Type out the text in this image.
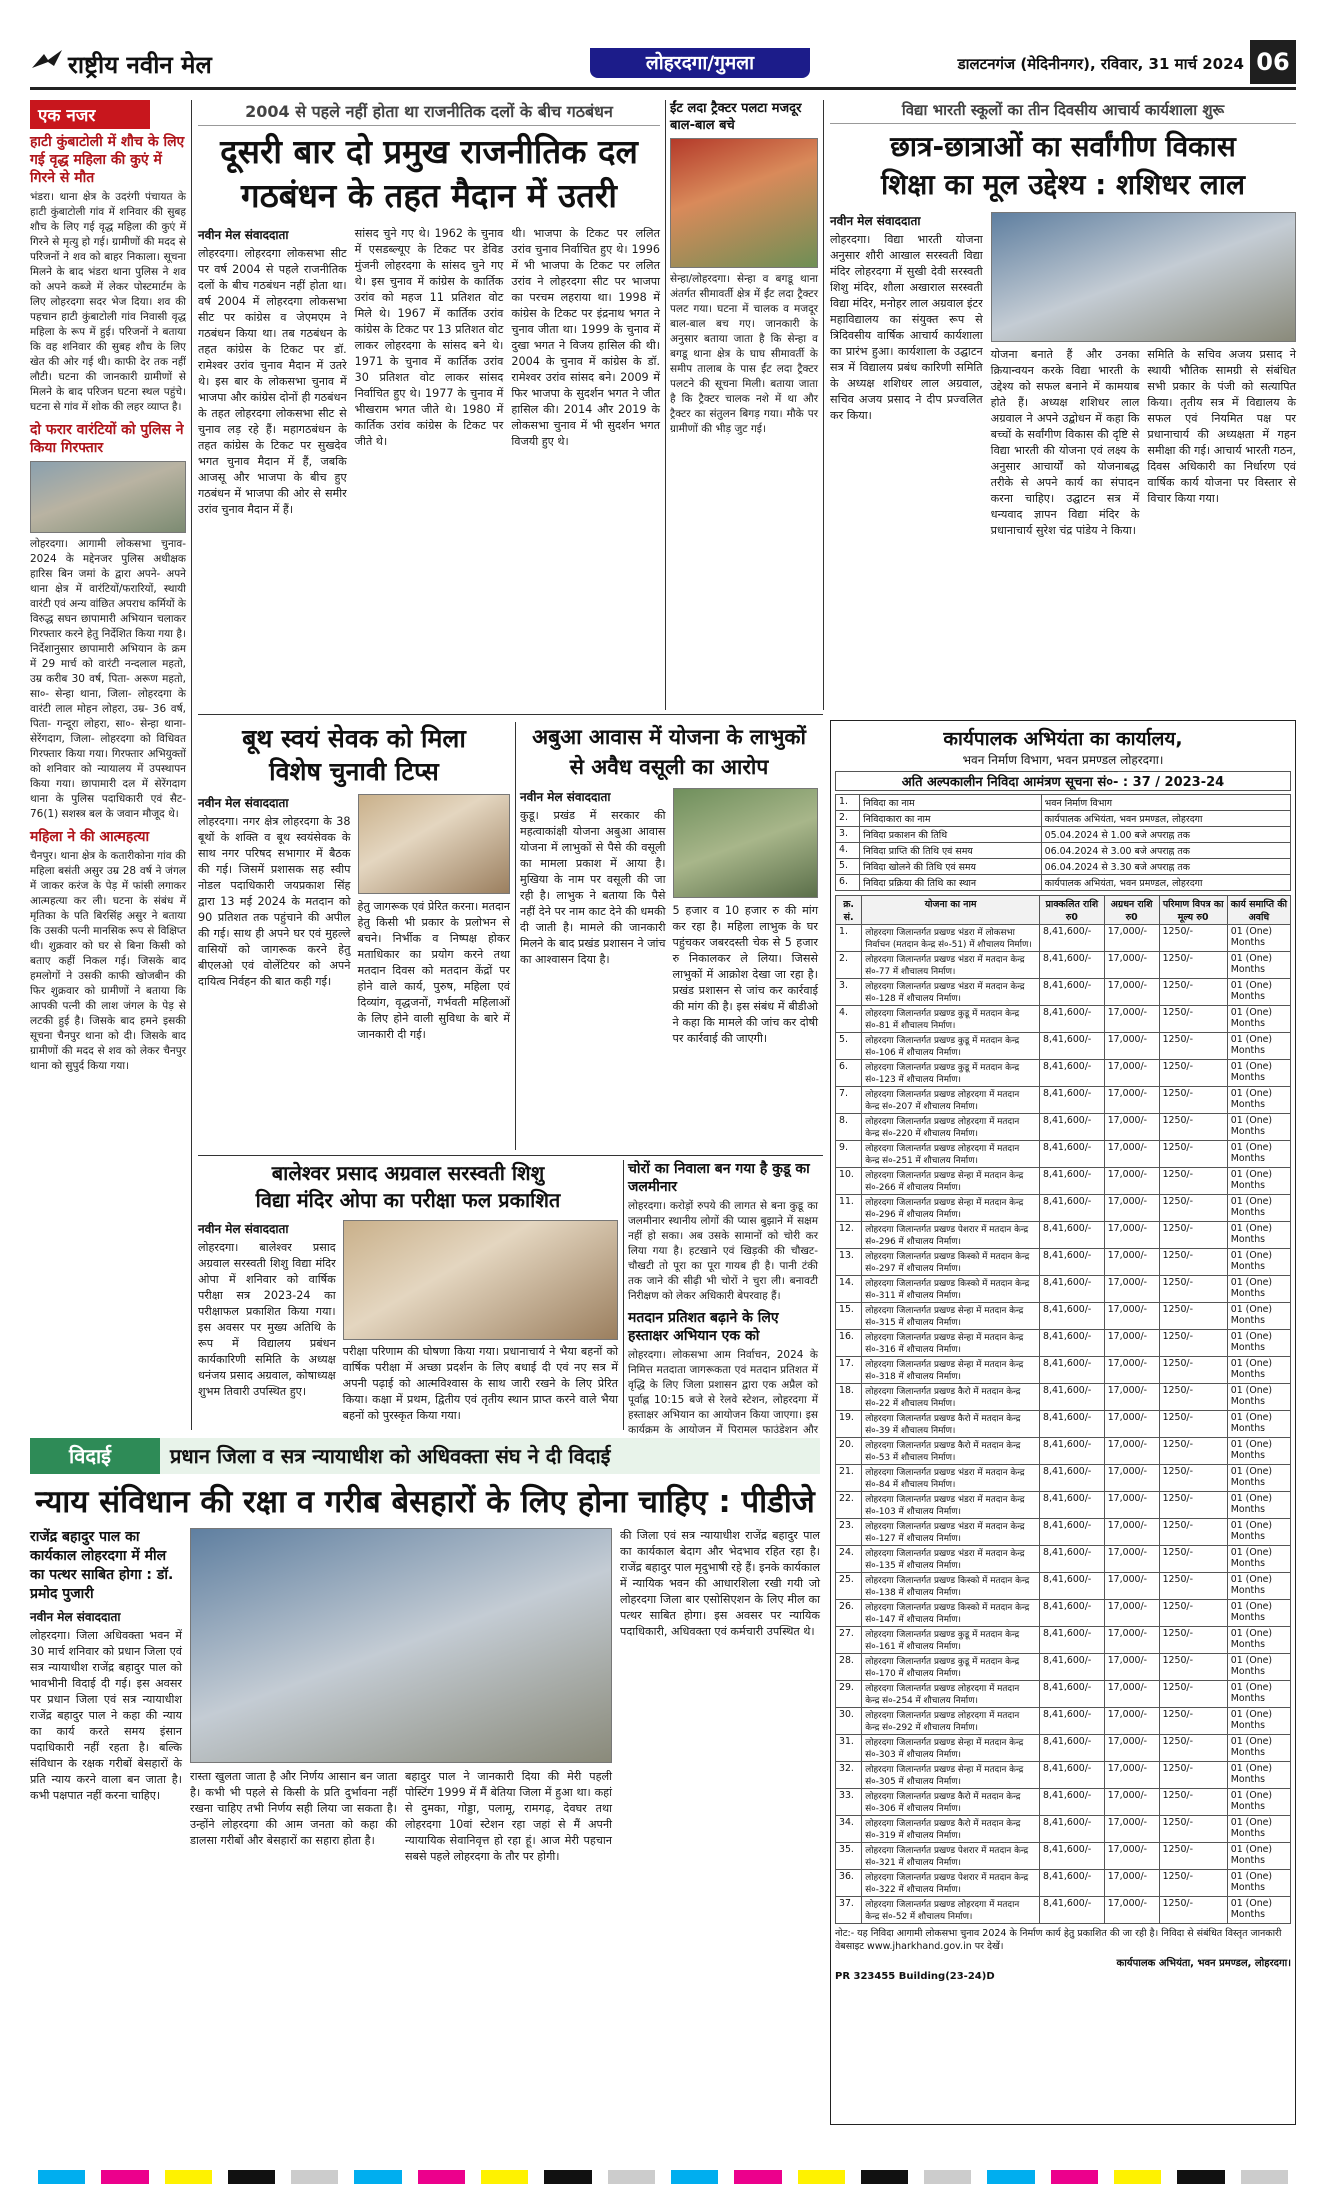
राष्ट्रीय नवीन मेल	लोहरदगा/गुमला	डालटनगंज (मेदिनीनगर), रविवार, 31 मार्च 2024 06
एक नजर
हाटी कुंबाटोली में शौच के लिए गई वृद्ध महिला की कुएं में गिरने से मौत
भंडरा। थाना क्षेत्र के उदरंगी पंचायत के हाटी कुंबाटोली गांव में शनिवार की सुबह शौच के लिए गई वृद्ध महिला की कुएं में गिरने से मृत्यु हो गई। ग्रामीणों की मदद से परिजनों ने शव को बाहर निकाला। सूचना मिलने के बाद भंडरा थाना पुलिस ने शव को अपने कब्जे में लेकर पोस्टमार्टम के लिए लोहरदगा सदर भेज दिया। शव की पहचान हाटी कुंबाटोली गांव निवासी वृद्ध महिला के रूप में हुई। परिजनों ने बताया कि वह शनिवार की सुबह शौच के लिए खेत की ओर गई थी। काफी देर तक नहीं लौटी। घटना की जानकारी ग्रामीणों से मिलने के बाद परिजन घटना स्थल पहुंचे। घटना से गांव में शोक की लहर व्याप्त है।
दो फरार वारंटियों को पुलिस ने किया गिरफ्तार
लोहरदगा। आगामी लोकसभा चुनाव- 2024 के मद्देनजर पुलिस अधीक्षक हारिस बिन जमां के द्वारा अपने- अपने थाना क्षेत्र में वारंटियों/फरारियों, स्थायी वारंटी एवं अन्य वांछित अपराध कर्मियों के विरुद्ध सघन छापामारी अभियान चलाकर गिरफ्तार करने हेतु निर्देशित किया गया है। निर्देशानुसार छापामारी अभियान के क्रम में 29 मार्च को वारंटी नन्दलाल महतो, उम्र करीब 30 वर्ष, पिता- अरूण महतो, सा०- सेन्हा थाना, जिला- लोहरदगा के वारंटी लाल मोहन लोहरा, उम्र- 36 वर्ष, पिता- गन्दूरा लोहरा, सा०- सेन्हा थाना- सेरेंगदाग, जिला- लोहरदगा को विधिवत गिरफ्तार किया गया। गिरफ्तार अभियुक्तों को शनिवार को न्यायालय में उपस्थापन किया गया। छापामारी दल में सेरेंगदाग थाना के पुलिस पदाधिकारी एवं सैट- 76(1) सशस्त्र बल के जवान मौजूद थे।
महिला ने की आत्महत्या
चैनपुर। थाना क्षेत्र के कतारीकोना गांव की महिला बसंती असुर उम्र 28 वर्ष ने जंगल में जाकर करंज के पेड़ में फांसी लगाकर आत्महत्या कर ली। घटना के संबंध में मृतिका के पति बिरसिंह असुर ने बताया कि उसकी पत्नी मानसिक रूप से विक्षिप्त थी। शुक्रवार को घर से बिना किसी को बताए कहीं निकल गई। जिसके बाद हमलोगों ने उसकी काफी खोजबीन की फिर शुक्रवार को ग्रामीणों ने बताया कि आपकी पत्नी की लाश जंगल के पेड़ से लटकी हुई है। जिसके बाद हमने इसकी सूचना चैनपुर थाना को दी। जिसके बाद ग्रामीणों की मदद से शव को लेकर चैनपुर थाना को सुपुर्द किया गया।
2004 से पहले नहीं होता था राजनीतिक दलों के बीच गठबंधन
दूसरी बार दो प्रमुख राजनीतिक दल
गठबंधन के तहत मैदान में उतरी
नवीन मेल संवाददाता
लोहरदगा। लोहरदगा लोकसभा सीट पर वर्ष 2004 से पहले राजनीतिक दलों के बीच गठबंधन नहीं होता था। वर्ष 2004 में लोहरदगा लोकसभा सीट पर कांग्रेस व जेएमएम ने गठबंधन किया था। तब गठबंधन के तहत कांग्रेस के टिकट पर डॉ. रामेश्वर उरांव चुनाव मैदान में उतरे थे। इस बार के लोकसभा चुनाव में भाजपा और कांग्रेस दोनों ही गठबंधन के तहत लोहरदगा लोकसभा सीट से चुनाव लड़ रहे हैं। महागठबंधन के तहत कांग्रेस के टिकट पर सुखदेव भगत चुनाव मैदान में हैं, जबकि आजसू और भाजपा के बीच हुए गठबंधन में भाजपा की ओर से समीर उरांव चुनाव मैदान में हैं।
सांसद चुने गए थे। 1962 के चुनाव में एसडब्ल्यूए के टिकट पर डेविड मुंजनी लोहरदगा के सांसद चुने गए थे। इस चुनाव में कांग्रेस के कार्तिक उरांव को महज 11 प्रतिशत वोट मिले थे। 1967 में कार्तिक उरांव कांग्रेस के टिकट पर 13 प्रतिशत वोट लाकर लोहरदगा के सांसद बने थे। 1971 के चुनाव में कार्तिक उरांव 30 प्रतिशत वोट लाकर सांसद निर्वाचित हुए थे। 1977 के चुनाव में भीखराम भगत जीते थे। 1980 में कार्तिक उरांव कांग्रेस के टिकट पर जीते थे।
थी। भाजपा के टिकट पर ललित उरांव चुनाव निर्वाचित हुए थे। 1996 में भी भाजपा के टिकट पर ललित उरांव ने लोहरदगा सीट पर भाजपा का परचम लहराया था। 1998 में कांग्रेस के टिकट पर इंद्रनाथ भगत ने चुनाव जीता था। 1999 के चुनाव में दुखा भगत ने विजय हासिल की थी। 2004 के चुनाव में कांग्रेस के डॉ. रामेश्वर उरांव सांसद बने। 2009 में फिर भाजपा के सुदर्शन भगत ने जीत हासिल की। 2014 और 2019 के लोकसभा चुनाव में भी सुदर्शन भगत विजयी हुए थे।
ईंट लदा ट्रैक्टर पलटा मजदूर बाल-बाल बचे
सेन्हा/लोहरदगा। सेन्हा व बगडू थाना अंतर्गत सीमावर्ती क्षेत्र में ईंट लदा ट्रैक्टर पलट गया। घटना में चालक व मजदूर बाल-बाल बच गए। जानकारी के अनुसार बताया जाता है कि सेन्हा व बगडू थाना क्षेत्र के घाघ सीमावर्ती के समीप तालाब के पास ईंट लदा ट्रैक्टर पलटने की सूचना मिली। बताया जाता है कि ट्रैक्टर चालक नशे में था और ट्रैक्टर का संतुलन बिगड़ गया। मौके पर ग्रामीणों की भीड़ जुट गई।
विद्या भारती स्कूलों का तीन दिवसीय आचार्य कार्यशाला शुरू
छात्र-छात्राओं का सर्वांगीण विकास
शिक्षा का मूल उद्देश्य : शशिधर लाल
नवीन मेल संवाददाता
लोहरदगा। विद्या भारती योजना अनुसार शौरी आखाल सरस्वती विद्या मंदिर लोहरदगा में सुखी देवी सरस्वती शिशु मंदिर, शौला अखाराल सरस्वती विद्या मंदिर, मनोहर लाल अग्रवाल इंटर महाविद्यालय का संयुक्त रूप से त्रिदिवसीय वार्षिक आचार्य कार्यशाला का प्रारंभ हुआ। कार्यशाला के उद्घाटन सत्र में विद्यालय प्रबंध कारिणी समिति के अध्यक्ष शशिधर लाल अग्रवाल, सचिव अजय प्रसाद ने दीप प्रज्वलित कर किया।
योजना बनाते हैं और उनका क्रियान्वयन करके विद्या भारती के उद्देश्य को सफल बनाने में कामयाब होते हैं। अध्यक्ष शशिधर लाल अग्रवाल ने अपने उद्बोधन में कहा कि बच्चों के सर्वांगीण विकास की दृष्टि से विद्या भारती की योजना एवं लक्ष्य के अनुसार आचार्यों को योजनाबद्ध तरीके से अपने कार्य का संपादन करना चाहिए। उद्घाटन सत्र में धन्यवाद ज्ञापन विद्या मंदिर के प्रधानाचार्य सुरेश चंद्र पांडेय ने किया।
समिति के सचिव अजय प्रसाद ने स्थायी भौतिक सामग्री से संबंधित सभी प्रकार के पंजी को सत्यापित किया। तृतीय सत्र में विद्यालय के सफल एवं नियमित पक्ष पर प्रधानाचार्य की अध्यक्षता में गहन समीक्षा की गई। आचार्य भारती गठन, दिवस अधिकारी का निर्धारण एवं वार्षिक कार्य योजना पर विस्तार से विचार किया गया।
बूथ स्वयं सेवक को मिला
विशेष चुनावी टिप्स
नवीन मेल संवाददाता
लोहरदगा। नगर क्षेत्र लोहरदगा के 38 बूथों के शक्ति व बूथ स्वयंसेवक के साथ नगर परिषद सभागार में बैठक की गई। जिसमें प्रशासक सह स्वीप नोडल पदाधिकारी जयप्रकाश सिंह द्वारा 13 मई 2024 के मतदान को 90 प्रतिशत तक पहुंचाने की अपील की गई। साथ ही अपने घर एवं मुहल्ले वासियों को जागरूक करने हेतु बीएलओ एवं वोलेंटियर को अपने दायित्व निर्वहन की बात कही गई।
हेतु जागरूक एवं प्रेरित करना। मतदान हेतु किसी भी प्रकार के प्रलोभन से बचने। निर्भीक व निष्पक्ष होकर मताधिकार का प्रयोग करने तथा मतदान दिवस को मतदान केंद्रों पर होने वाले कार्य, पुरुष, महिला एवं दिव्यांग, वृद्धजनों, गर्भवती महिलाओं के लिए होने वाली सुविधा के बारे में जानकारी दी गई।
अबुआ आवास में योजना के लाभुकों
से अवैध वसूली का आरोप
नवीन मेल संवाददाता
कुडू। प्रखंड में सरकार की महत्वाकांक्षी योजना अबुआ आवास योजना में लाभुकों से पैसे की वसूली का मामला प्रकाश में आया है। मुखिया के नाम पर वसूली की जा रही है। लाभुक ने बताया कि पैसे नहीं देने पर नाम काट देने की धमकी दी जाती है। मामले की जानकारी मिलने के बाद प्रखंड प्रशासन ने जांच का आश्वासन दिया है।
5 हजार व 10 हजार रु की मांग कर रहा है। महिला लाभुक के घर पहुंचकर जबरदस्ती चेक से 5 हजार रु निकालकर ले लिया। जिससे लाभुकों में आक्रोश देखा जा रहा है। प्रखंड प्रशासन से जांच कर कार्रवाई की मांग की है। इस संबंध में बीडीओ ने कहा कि मामले की जांच कर दोषी पर कार्रवाई की जाएगी।
बालेश्वर प्रसाद अग्रवाल सरस्वती शिशु
विद्या मंदिर ओपा का परीक्षा फल प्रकाशित
नवीन मेल संवाददाता
लोहरदगा। बालेश्वर प्रसाद अग्रवाल सरस्वती शिशु विद्या मंदिर ओपा में शनिवार को वार्षिक परीक्षा सत्र 2023-24 का परीक्षाफल प्रकाशित किया गया। इस अवसर पर मुख्य अतिथि के रूप में विद्यालय प्रबंधन कार्यकारिणी समिति के अध्यक्ष धनंजय प्रसाद अग्रवाल, कोषाध्यक्ष शुभम तिवारी उपस्थित हुए।
परीक्षा परिणाम की घोषणा किया गया। प्रधानाचार्य ने भैया बहनों को वार्षिक परीक्षा में अच्छा प्रदर्शन के लिए बधाई दी एवं नए सत्र में अपनी पढ़ाई को आत्मविश्वास के साथ जारी रखने के लिए प्रेरित किया। कक्षा में प्रथम, द्वितीय एवं तृतीय स्थान प्राप्त करने वाले भैया बहनों को पुरस्कृत किया गया।
चोरों का निवाला बन गया है कुडू का जलमीनार
लोहरदगा। करोड़ों रुपये की लागत से बना कुडू का जलमीनार स्थानीय लोगों की प्यास बुझाने में सक्षम नहीं हो सका। अब उसके सामानों को चोरी कर लिया गया है। हटखाने एवं खिड़की की चौखट- चौखटी तो पूरा का पूरा गायब ही है। पानी टंकी तक जाने की सीढ़ी भी चोरों ने चुरा ली। बनावटी निरीक्षण को लेकर अधिकारी बेपरवाह हैं।
मतदान प्रतिशत बढ़ाने के लिए हस्ताक्षर अभियान एक को
लोहरदगा। लोकसभा आम निर्वाचन, 2024 के निमित्त मतदाता जागरूकता एवं मतदान प्रतिशत में वृद्धि के लिए जिला प्रशासन द्वारा एक अप्रैल को पूर्वाह्न 10:15 बजे से रेलवे स्टेशन, लोहरदगा में हस्ताक्षर अभियान का आयोजन किया जाएगा। इस कार्यक्रम के आयोजन में पिरामल फाउंडेशन और
कार्यपालक अभियंता का कार्यालय,
भवन निर्माण विभाग, भवन प्रमण्डल लोहरदगा।
अति अल्पकालीन निविदा आमंत्रण सूचना सं०- : 37 / 2023-24
1.	निविदा का नाम	भवन निर्माण विभाग
2.	निविदाकारा का नाम	कार्यपालक अभियंता, भवन प्रमण्डल, लोहरदगा
3.	निविदा प्रकाशन की तिथि	05.04.2024 से 1.00 बजे अपराह्न तक
4.	निविदा प्राप्ति की तिथि एवं समय	06.04.2024 से 3.00 बजे अपराह्न तक
5.	निविदा खोलने की तिथि एवं समय	06.04.2024 से 3.30 बजे अपराह्न तक
6.	निविदा प्रक्रिया की तिथि का स्थान	कार्यपालक अभियंता, भवन प्रमण्डल, लोहरदगा
क्र. सं.	योजना का नाम	प्राक्कलित राशि रु0	अग्रधन राशि रु0	परिमाण विपत्र का मूल्य रु0	कार्य समाप्ति की अवधि
1.	लोहरदगा जिलान्तर्गत प्रखण्ड भंडरा में लोकसभा निर्वाचन (मतदान केन्द्र सं०-51) में शौचालय निर्माण।	8,41,600/-	17,000/-	1250/-	01 (One) Months
2.	लोहरदगा जिलान्तर्गत प्रखण्ड भंडरा में मतदान केन्द्र सं०-77 में शौचालय निर्माण।	8,41,600/-	17,000/-	1250/-	01 (One) Months
3.	लोहरदगा जिलान्तर्गत प्रखण्ड भंडरा में मतदान केन्द्र सं०-128 में शौचालय निर्माण।	8,41,600/-	17,000/-	1250/-	01 (One) Months
4.	लोहरदगा जिलान्तर्गत प्रखण्ड कुडू में मतदान केन्द्र सं०-81 में शौचालय निर्माण।	8,41,600/-	17,000/-	1250/-	01 (One) Months
5.	लोहरदगा जिलान्तर्गत प्रखण्ड कुडू में मतदान केन्द्र सं०-106 में शौचालय निर्माण।	8,41,600/-	17,000/-	1250/-	01 (One) Months
6.	लोहरदगा जिलान्तर्गत प्रखण्ड कुडू में मतदान केन्द्र सं०-123 में शौचालय निर्माण।	8,41,600/-	17,000/-	1250/-	01 (One) Months
7.	लोहरदगा जिलान्तर्गत प्रखण्ड लोहरदगा में मतदान केन्द्र सं०-207 में शौचालय निर्माण।	8,41,600/-	17,000/-	1250/-	01 (One) Months
8.	लोहरदगा जिलान्तर्गत प्रखण्ड लोहरदगा में मतदान केन्द्र सं०-220 में शौचालय निर्माण।	8,41,600/-	17,000/-	1250/-	01 (One) Months
9.	लोहरदगा जिलान्तर्गत प्रखण्ड लोहरदगा में मतदान केन्द्र सं०-251 में शौचालय निर्माण।	8,41,600/-	17,000/-	1250/-	01 (One) Months
10.	लोहरदगा जिलान्तर्गत प्रखण्ड सेन्हा में मतदान केन्द्र सं०-266 में शौचालय निर्माण।	8,41,600/-	17,000/-	1250/-	01 (One) Months
11.	लोहरदगा जिलान्तर्गत प्रखण्ड सेन्हा में मतदान केन्द्र सं०-296 में शौचालय निर्माण।	8,41,600/-	17,000/-	1250/-	01 (One) Months
12.	लोहरदगा जिलान्तर्गत प्रखण्ड पेशरार में मतदान केन्द्र सं०-296 में शौचालय निर्माण।	8,41,600/-	17,000/-	1250/-	01 (One) Months
13.	लोहरदगा जिलान्तर्गत प्रखण्ड किस्को में मतदान केन्द्र सं०-297 में शौचालय निर्माण।	8,41,600/-	17,000/-	1250/-	01 (One) Months
14.	लोहरदगा जिलान्तर्गत प्रखण्ड किस्को में मतदान केन्द्र सं०-311 में शौचालय निर्माण।	8,41,600/-	17,000/-	1250/-	01 (One) Months
15.	लोहरदगा जिलान्तर्गत प्रखण्ड सेन्हा में मतदान केन्द्र सं०-315 में शौचालय निर्माण।	8,41,600/-	17,000/-	1250/-	01 (One) Months
16.	लोहरदगा जिलान्तर्गत प्रखण्ड सेन्हा में मतदान केन्द्र सं०-316 में शौचालय निर्माण।	8,41,600/-	17,000/-	1250/-	01 (One) Months
17.	लोहरदगा जिलान्तर्गत प्रखण्ड सेन्हा में मतदान केन्द्र सं०-318 में शौचालय निर्माण।	8,41,600/-	17,000/-	1250/-	01 (One) Months
18.	लोहरदगा जिलान्तर्गत प्रखण्ड कैरो में मतदान केन्द्र सं०-22 में शौचालय निर्माण।	8,41,600/-	17,000/-	1250/-	01 (One) Months
19.	लोहरदगा जिलान्तर्गत प्रखण्ड कैरो में मतदान केन्द्र सं०-39 में शौचालय निर्माण।	8,41,600/-	17,000/-	1250/-	01 (One) Months
20.	लोहरदगा जिलान्तर्गत प्रखण्ड कैरो में मतदान केन्द्र सं०-53 में शौचालय निर्माण।	8,41,600/-	17,000/-	1250/-	01 (One) Months
21.	लोहरदगा जिलान्तर्गत प्रखण्ड भंडरा में मतदान केन्द्र सं०-84 में शौचालय निर्माण।	8,41,600/-	17,000/-	1250/-	01 (One) Months
22.	लोहरदगा जिलान्तर्गत प्रखण्ड भंडरा में मतदान केन्द्र सं०-103 में शौचालय निर्माण।	8,41,600/-	17,000/-	1250/-	01 (One) Months
23.	लोहरदगा जिलान्तर्गत प्रखण्ड भंडरा में मतदान केन्द्र सं०-127 में शौचालय निर्माण।	8,41,600/-	17,000/-	1250/-	01 (One) Months
24.	लोहरदगा जिलान्तर्गत प्रखण्ड भंडरा में मतदान केन्द्र सं०-135 में शौचालय निर्माण।	8,41,600/-	17,000/-	1250/-	01 (One) Months
25.	लोहरदगा जिलान्तर्गत प्रखण्ड किस्को में मतदान केन्द्र सं०-138 में शौचालय निर्माण।	8,41,600/-	17,000/-	1250/-	01 (One) Months
26.	लोहरदगा जिलान्तर्गत प्रखण्ड किस्को में मतदान केन्द्र सं०-147 में शौचालय निर्माण।	8,41,600/-	17,000/-	1250/-	01 (One) Months
27.	लोहरदगा जिलान्तर्गत प्रखण्ड कुडू में मतदान केन्द्र सं०-161 में शौचालय निर्माण।	8,41,600/-	17,000/-	1250/-	01 (One) Months
28.	लोहरदगा जिलान्तर्गत प्रखण्ड कुडू में मतदान केन्द्र सं०-170 में शौचालय निर्माण।	8,41,600/-	17,000/-	1250/-	01 (One) Months
29.	लोहरदगा जिलान्तर्गत प्रखण्ड लोहरदगा में मतदान केन्द्र सं०-254 में शौचालय निर्माण।	8,41,600/-	17,000/-	1250/-	01 (One) Months
30.	लोहरदगा जिलान्तर्गत प्रखण्ड लोहरदगा में मतदान केन्द्र सं०-292 में शौचालय निर्माण।	8,41,600/-	17,000/-	1250/-	01 (One) Months
31.	लोहरदगा जिलान्तर्गत प्रखण्ड सेन्हा में मतदान केन्द्र सं०-303 में शौचालय निर्माण।	8,41,600/-	17,000/-	1250/-	01 (One) Months
32.	लोहरदगा जिलान्तर्गत प्रखण्ड सेन्हा में मतदान केन्द्र सं०-305 में शौचालय निर्माण।	8,41,600/-	17,000/-	1250/-	01 (One) Months
33.	लोहरदगा जिलान्तर्गत प्रखण्ड कैरो में मतदान केन्द्र सं०-306 में शौचालय निर्माण।	8,41,600/-	17,000/-	1250/-	01 (One) Months
34.	लोहरदगा जिलान्तर्गत प्रखण्ड कैरो में मतदान केन्द्र सं०-319 में शौचालय निर्माण।	8,41,600/-	17,000/-	1250/-	01 (One) Months
35.	लोहरदगा जिलान्तर्गत प्रखण्ड पेशरार में मतदान केन्द्र सं०-321 में शौचालय निर्माण।	8,41,600/-	17,000/-	1250/-	01 (One) Months
36.	लोहरदगा जिलान्तर्गत प्रखण्ड पेशरार में मतदान केन्द्र सं०-322 में शौचालय निर्माण।	8,41,600/-	17,000/-	1250/-	01 (One) Months
37.	लोहरदगा जिलान्तर्गत प्रखण्ड लोहरदगा में मतदान केन्द्र सं०-52 में शौचालय निर्माण।	8,41,600/-	17,000/-	1250/-	01 (One) Months
नोट:- यह निविदा आगामी लोकसभा चुनाव 2024 के निर्माण कार्य हेतु प्रकाशित की जा रही है। निविदा से संबंधित विस्तृत जानकारी वेबसाइट www.jharkhand.gov.in पर देखें।
कार्यपालक अभियंता, भवन प्रमण्डल, लोहरदगा।
PR 323455 Building(23-24)D
विदाई	प्रधान जिला व सत्र न्यायाधीश को अधिवक्ता संघ ने दी विदाई
न्याय संविधान की रक्षा व गरीब बेसहारों के लिए होना चाहिए : पीडीजे
राजेंद्र बहादुर पाल का कार्यकाल लोहरदगा में मील का पत्थर साबित होगा : डॉ. प्रमोद पुजारी
नवीन मेल संवाददाता
लोहरदगा। जिला अधिवक्ता भवन में 30 मार्च शनिवार को प्रधान जिला एवं सत्र न्यायाधीश राजेंद्र बहादुर पाल को भावभीनी विदाई दी गई। इस अवसर पर प्रधान जिला एवं सत्र न्यायाधीश राजेंद्र बहादुर पाल ने कहा की न्याय का कार्य करते समय इंसान पदाधिकारी नहीं रहता है। बल्कि संविधान के रक्षक गरीबों बेसहारों के प्रति न्याय करने वाला बन जाता है। कभी पक्षपात नहीं करना चाहिए।
रास्ता खुलता जाता है और निर्णय आसान बन जाता है। कभी भी पहले से किसी के प्रति दुर्भावना नहीं रखना चाहिए तभी निर्णय सही लिया जा सकता है। उन्होंने लोहरदगा की आम जनता को कहा की डालसा गरीबों और बेसहारों का सहारा होता है।
बहादुर पाल ने जानकारी दिया की मेरी पहली पोस्टिंग 1999 में मैं बेतिया जिला में हुआ था। कहां से दुमका, गोड्डा, पलामू, रामगढ़, देवघर तथा लोहरदगा 10वां स्टेशन रहा जहां से मैं अपनी न्यायायिक सेवानिवृत्त हो रहा हूं। आज मेरी पहचान सबसे पहले लोहरदगा के तौर पर होगी।
की जिला एवं सत्र न्यायाधीश राजेंद्र बहादुर पाल का कार्यकाल बेदाग और भेदभाव रहित रहा है। राजेंद्र बहादुर पाल मृदुभाषी रहे हैं। इनके कार्यकाल में न्यायिक भवन की आधारशिला रखी गयी जो लोहरदगा जिला बार एसोसिएशन के लिए मील का पत्थर साबित होगा। इस अवसर पर न्यायिक पदाधिकारी, अधिवक्ता एवं कर्मचारी उपस्थित थे।
